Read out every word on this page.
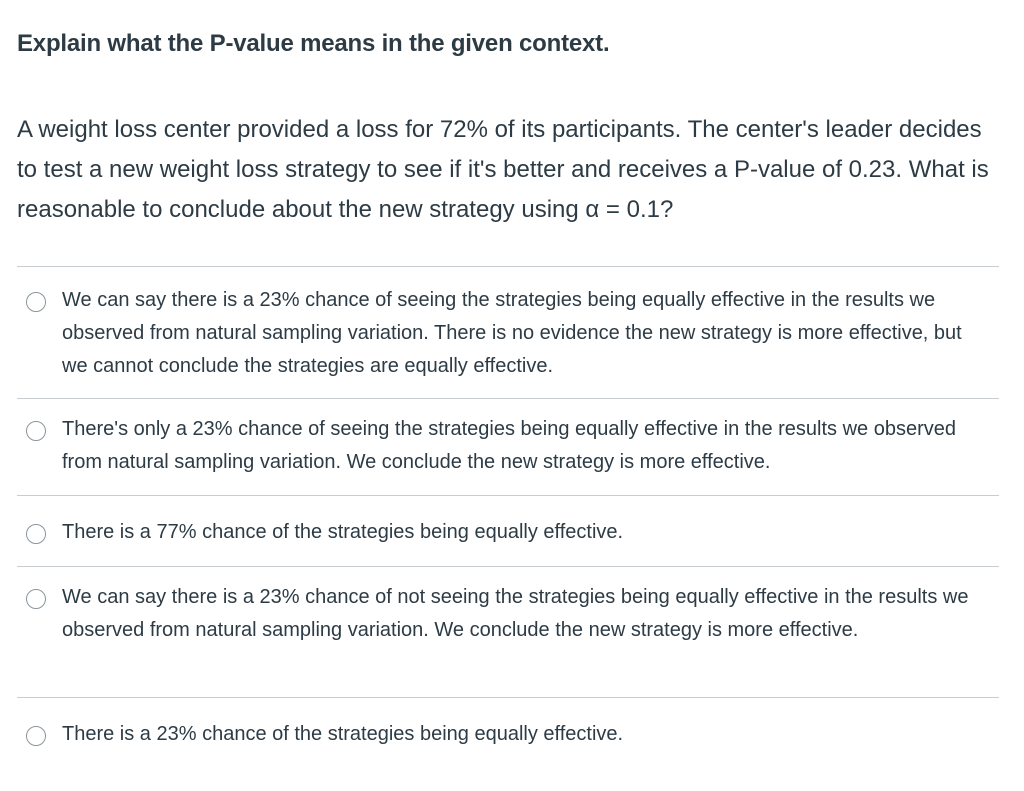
Explain what the P-value means in the given context.

A weight loss center provided a loss for 72% of its participants. The center's leader decides to test a new weight loss strategy to see if it's better and receives a P-value of 0.23. What is reasonable to conclude about the new strategy using α = 0.1?

We can say there is a 23% chance of seeing the strategies being equally effective in the results we observed from natural sampling variation. There is no evidence the new strategy is more effective, but we cannot conclude the strategies are equally effective.
There's only a 23% chance of seeing the strategies being equally effective in the results we observed from natural sampling variation. We conclude the new strategy is more effective.
There is a 77% chance of the strategies being equally effective.
We can say there is a 23% chance of not seeing the strategies being equally effective in the results we observed from natural sampling variation. We conclude the new strategy is more effective.
There is a 23% chance of the strategies being equally effective.
